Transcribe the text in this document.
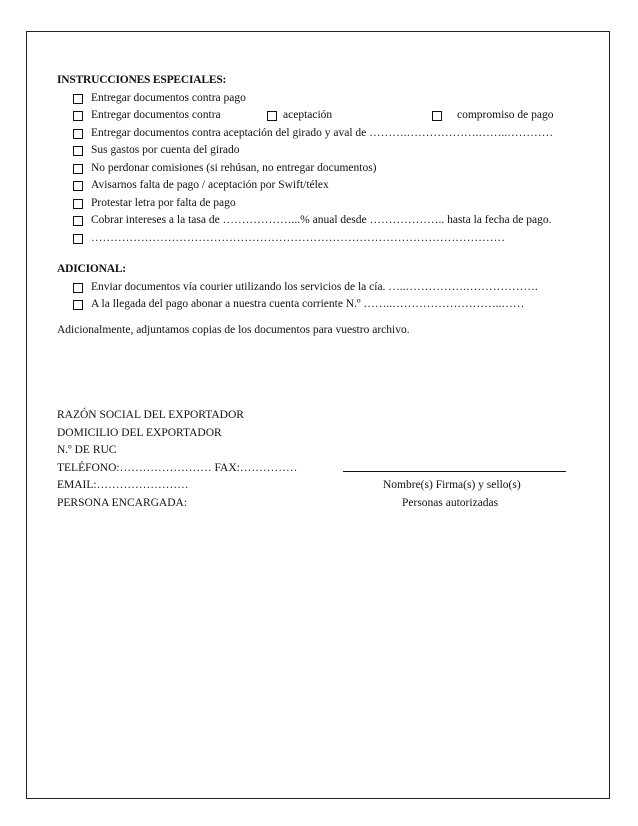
INSTRUCCIONES ESPECIALES:
Entregar documentos contra pago
Entregar documentos contra	aceptación	compromiso de pago
Entregar documentos contra aceptación del girado y aval de ……….……………….……..…………
Sus gastos por cuenta del girado
No perdonar comisiones (si rehúsan, no entregar documentos)
Avisarnos falta de pago / aceptación por Swift/télex
Protestar letra por falta de pago
Cobrar intereses a la tasa de ………………...% anual desde ……………….. hasta la fecha de pago.
………………………………………………………………………………………………
ADICIONAL:
Enviar documentos vía courier utilizando los servicios de la cía. …..…………….……………….
A la llegada del pago abonar a nuestra cuenta corriente N.º ……..………………………..……
Adicionalmente, adjuntamos copias de los documentos para vuestro archivo.
RAZÓN SOCIAL DEL EXPORTADOR
DOMICILIO DEL EXPORTADOR
N.º DE RUC
TELÉFONO:…………………… FAX:……………
EMAIL:……………………	Nombre(s) Firma(s) y sello(s)
PERSONA ENCARGADA:	Personas autorizadas
